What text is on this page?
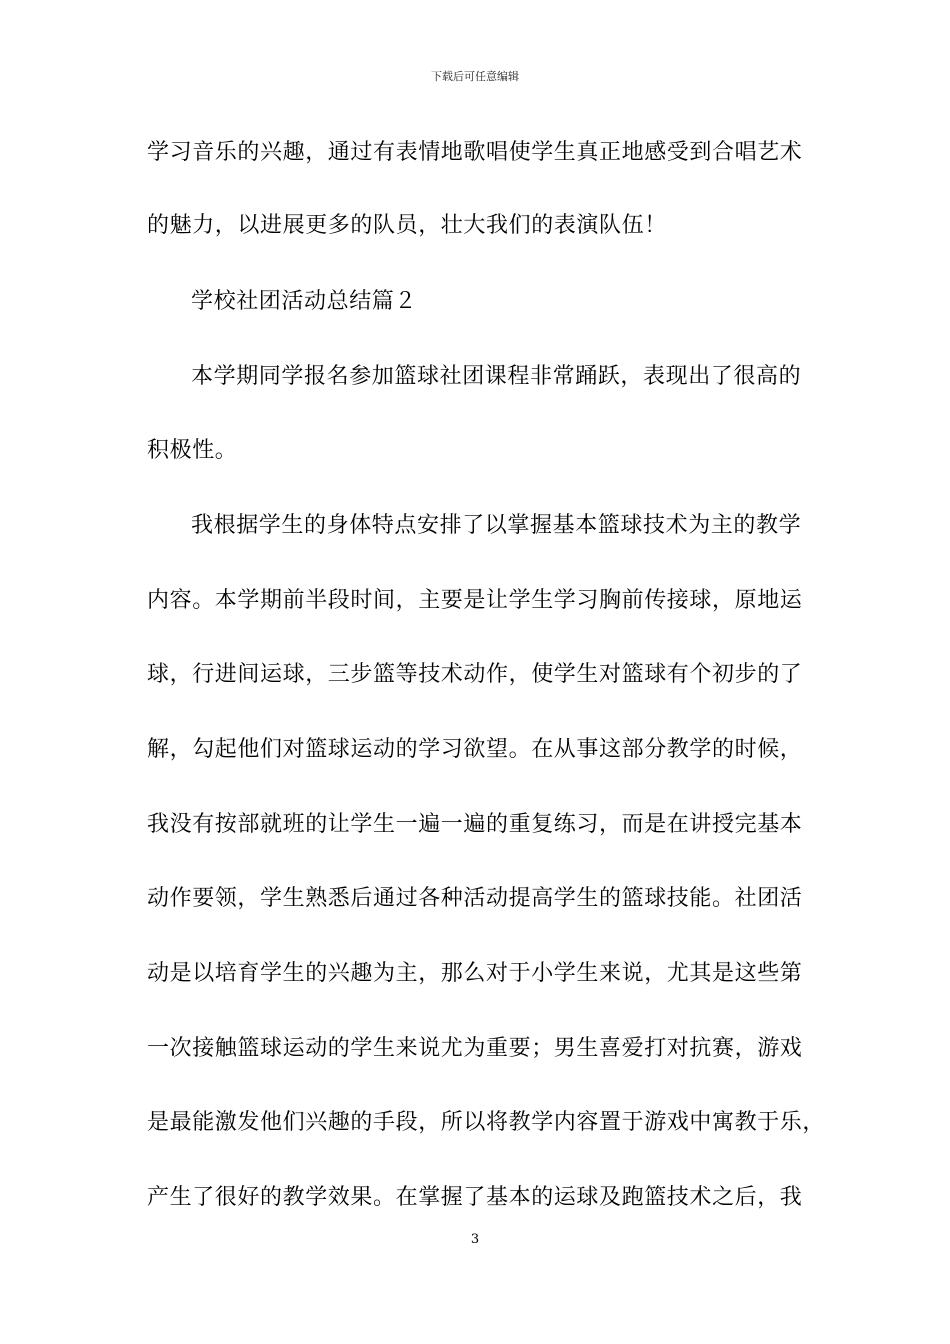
下载后可任意编辑
学习音乐的兴趣，通过有表情地歌唱使学生真正地感受到合唱艺术
的魅力，以进展更多的队员，壮大我们的表演队伍！
学校社团活动总结篇２
本学期同学报名参加篮球社团课程非常踊跃，表现出了很高的
积极性。
我根据学生的身体特点安排了以掌握基本篮球技术为主的教学
内容。本学期前半段时间，主要是让学生学习胸前传接球，原地运
球，行进间运球，三步篮等技术动作，使学生对篮球有个初步的了
解，勾起他们对篮球运动的学习欲望。在从事这部分教学的时候，
我没有按部就班的让学生一遍一遍的重复练习，而是在讲授完基本
动作要领，学生熟悉后通过各种活动提高学生的篮球技能。社团活
动是以培育学生的兴趣为主，那么对于小学生来说，尤其是这些第
一次接触篮球运动的学生来说尤为重要；男生喜爱打对抗赛，游戏
是最能激发他们兴趣的手段，所以将教学内容置于游戏中寓教于乐，
产生了很好的教学效果。在掌握了基本的运球及跑篮技术之后，我
3
